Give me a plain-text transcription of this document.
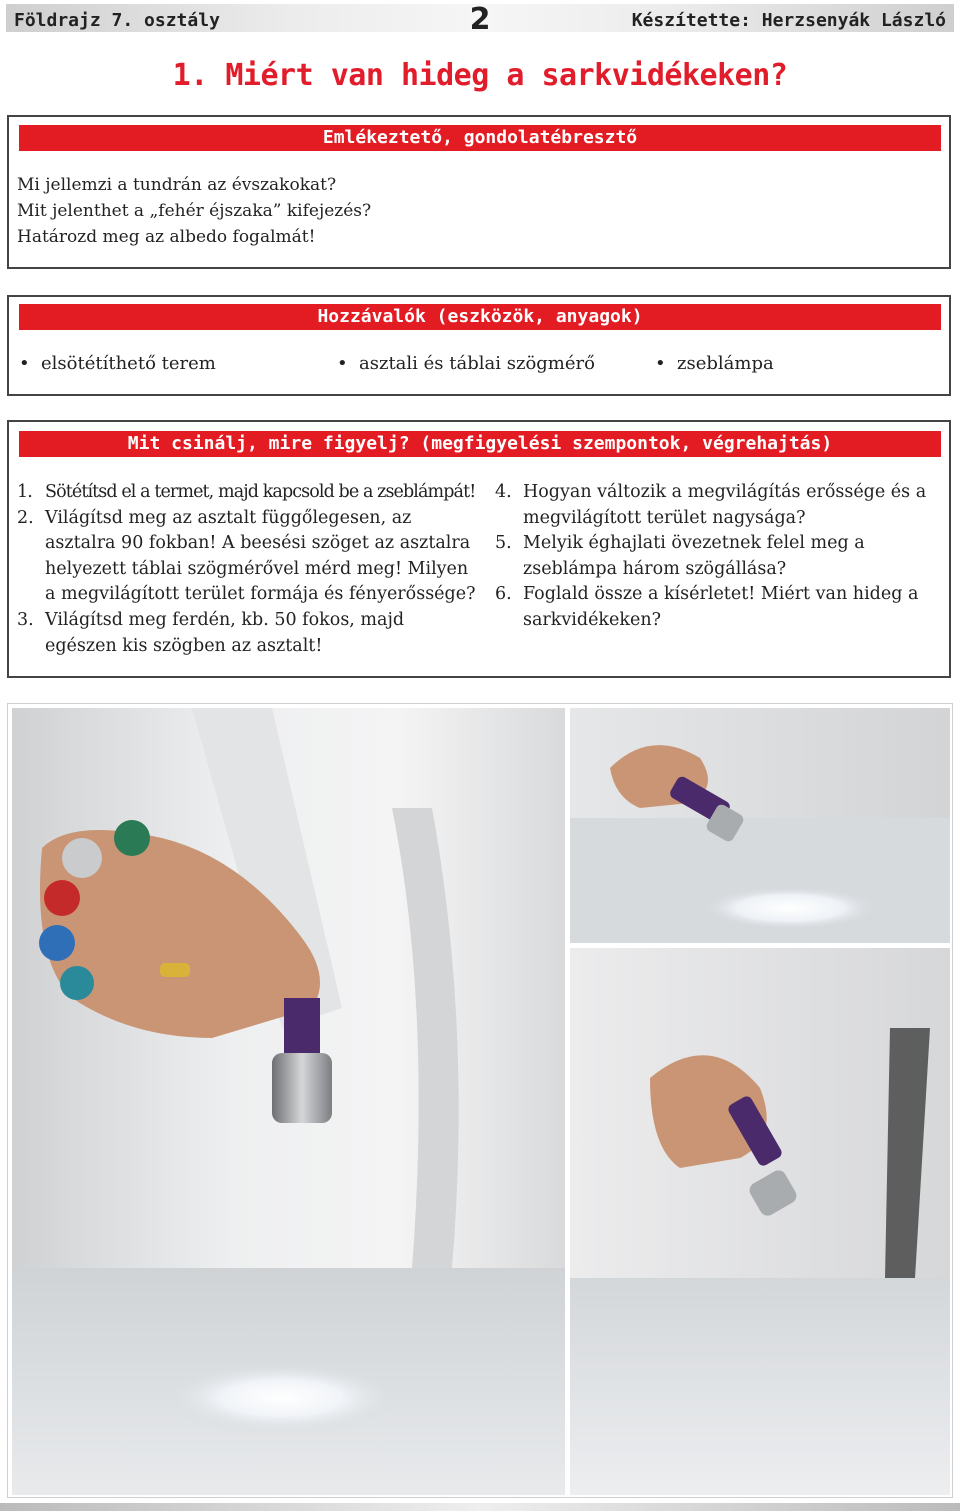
Földrajz 7. osztály	2	Készítette: Herzsenyák László
1. Miért van hideg a sarkvidékeken?
Emlékeztető, gondolatébresztő
Mi jellemzi a tundrán az évszakokat?
Mit jelenthet a „fehér éjszaka” kifejezés?
Határozd meg az albedo fogalmát!
Hozzávalók (eszközök, anyagok)
• elsötétíthető terem	• asztali és táblai szögmérő	• zseblámpa
Mit csinálj, mire figyelj? (megfigyelési szempontok, végrehajtás)
1. Sötétítsd el a termet, majd kapcsold be a zseblámpát!
2. Világítsd meg az asztalt függőlegesen, az asztalra 90 fokban! A beesési szöget az asztalra helyezett táblai szögmérővel mérd meg! Milyen a megvilágított terület formája és fényerőssége?
3. Világítsd meg ferdén, kb. 50 fokos, majd egészen kis szögben az asztalt!
4. Hogyan változik a megvilágítás erőssége és a megvilágított terület nagysága?
5. Melyik éghajlati övezetnek felel meg a zseblámpa három szögállása?
6. Foglald össze a kísérletet! Miért van hideg a sarkvidékeken?
